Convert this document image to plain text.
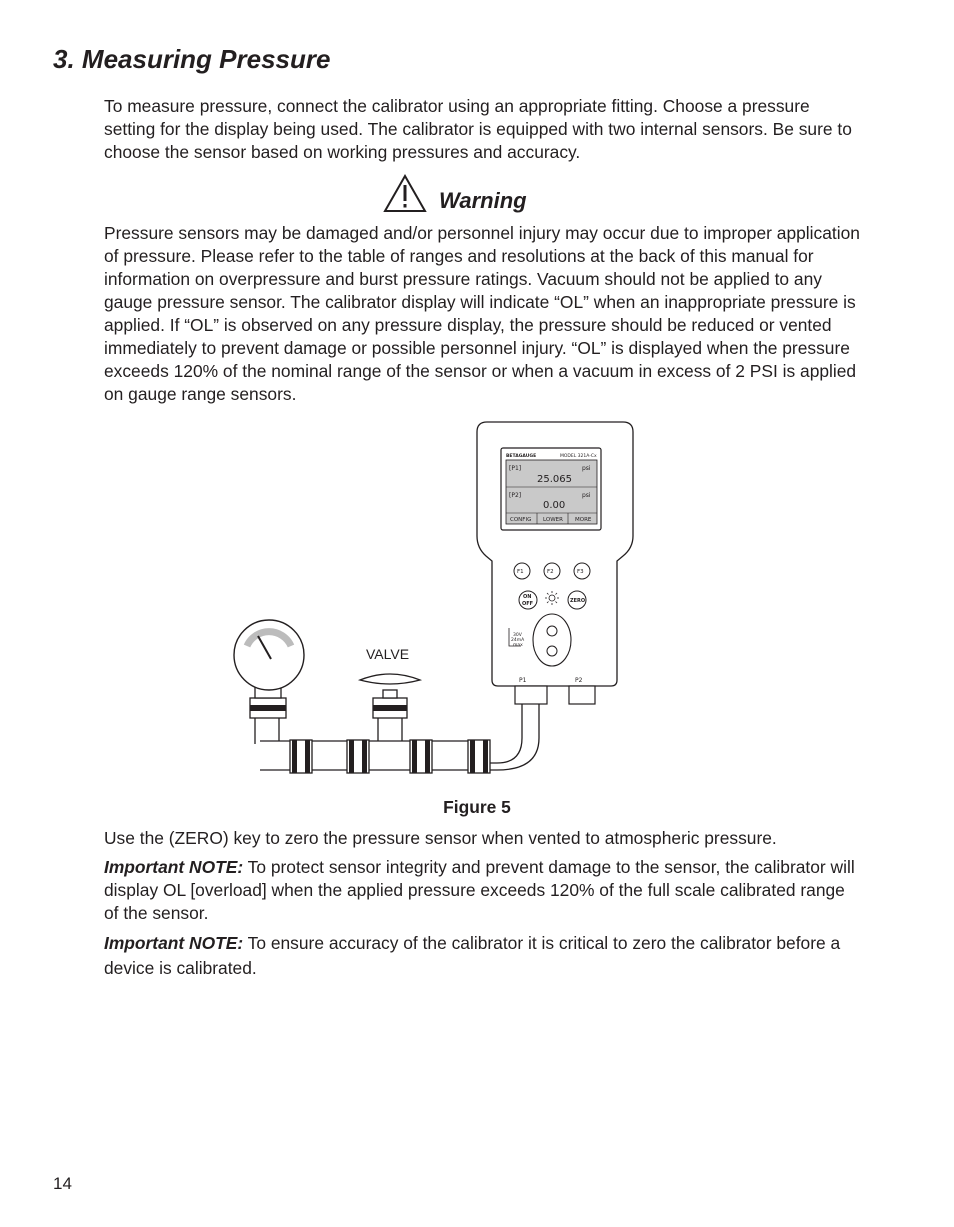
3. Measuring Pressure

To measure pressure, connect the calibrator using an appropriate fitting. Choose a pressure setting for the display being used. The calibrator is equipped with two internal sensors. Be sure to choose the sensor based on working pressures and accuracy.

Warning

Pressure sensors may be damaged and/or personnel injury may occur due to improper application of pressure. Please refer to the table of ranges and resolutions at the back of this manual for information on overpressure and burst pressure ratings. Vacuum should not be applied to any gauge pressure sensor. The calibrator display will indicate “OL” when an inappropriate pressure is applied. If “OL” is observed on any pressure display, the pressure should be reduced or vented immediately to prevent damage or possible personnel injury. “OL” is displayed when the pressure exceeds 120% of the nominal range of the sensor or when a vacuum in excess of 2 PSI is applied on gauge range sensors.

VALVE
P1	P2
BETAGAUGE	MODEL 321A-Cx
[P1]	psi
25.065
[P2]	psi
0.00
CONFIG LOWER MORE
F1	F2	F3
ON
OFF	ZERO
30V
24mA
max
Figure 5

Use the (ZERO) key to zero the pressure sensor when vented to atmospheric pressure.

Important NOTE: To protect sensor integrity and prevent damage to the sensor, the calibrator will display OL [overload] when the applied pressure exceeds 120% of the full scale calibrated range of the sensor.

Important NOTE: To ensure accuracy of the calibrator it is critical to zero the calibrator before a device is calibrated.

14
